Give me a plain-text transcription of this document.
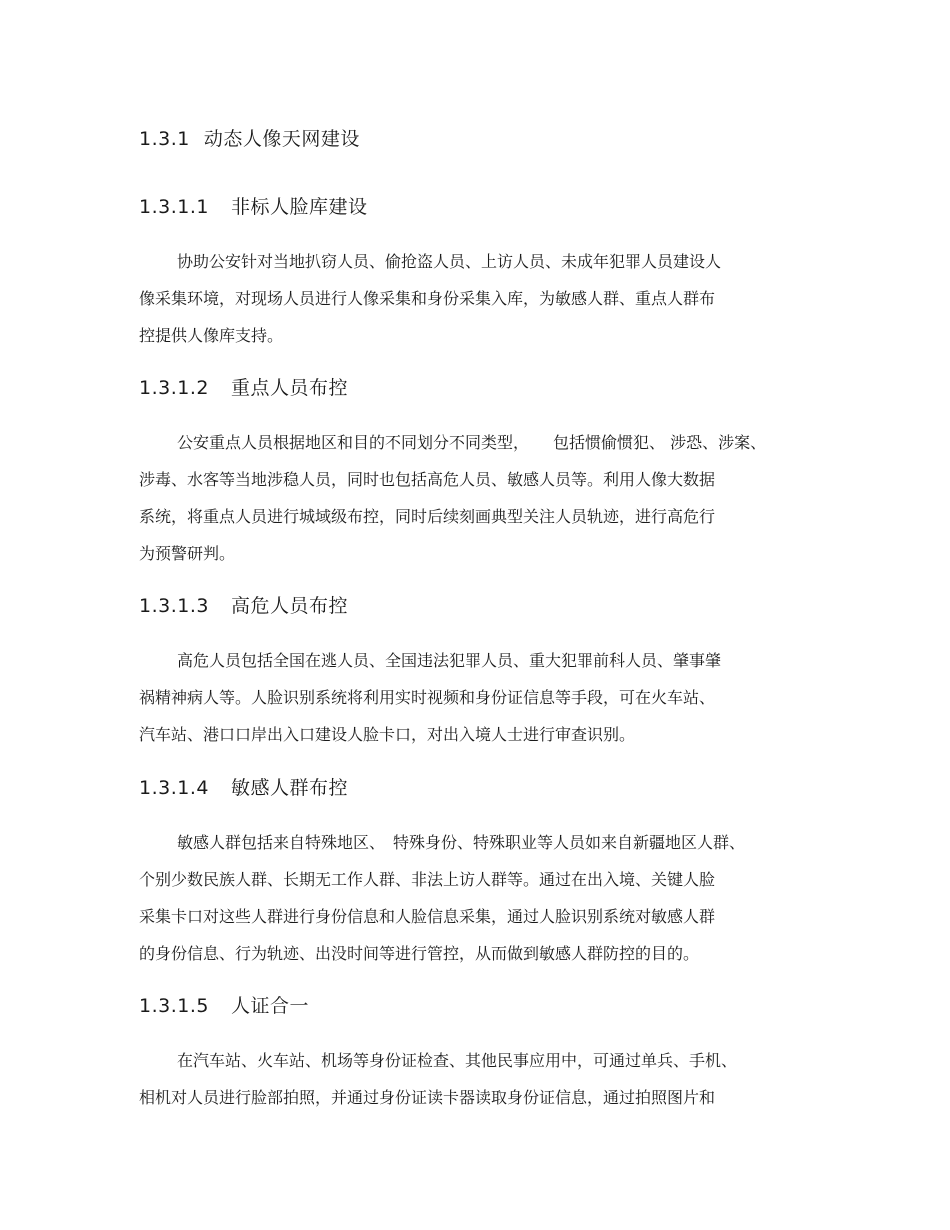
1.3.1 动态人像天网建设
1.3.1.1 非标人脸库建设
协助公安针对当地扒窃人员、偷抢盗人员、上访人员、未成年犯罪人员建设人
像采集环境，对现场人员进行人像采集和身份采集入库，为敏感人群、重点人群布
控提供人像库支持。
1.3.1.2 重点人员布控
公安重点人员根据地区和目的不同划分不同类型，　　包括惯偷惯犯、 涉恐、涉案、
涉毒、水客等当地涉稳人员，同时也包括高危人员、敏感人员等。利用人像大数据
系统，将重点人员进行城域级布控，同时后续刻画典型关注人员轨迹，进行高危行
为预警研判。
1.3.1.3 高危人员布控
高危人员包括全国在逃人员、全国违法犯罪人员、重大犯罪前科人员、肇事肇
祸精神病人等。人脸识别系统将利用实时视频和身份证信息等手段，可在火车站、
汽车站、港口口岸出入口建设人脸卡口，对出入境人士进行审查识别。
1.3.1.4 敏感人群布控
敏感人群包括来自特殊地区、　特殊身份、特殊职业等人员如来自新疆地区人群、
个别少数民族人群、长期无工作人群、非法上访人群等。通过在出入境、关键人脸
采集卡口对这些人群进行身份信息和人脸信息采集，通过人脸识别系统对敏感人群
的身份信息、行为轨迹、出没时间等进行管控，从而做到敏感人群防控的目的。
1.3.1.5 人证合一
在汽车站、火车站、机场等身份证检查、其他民事应用中，可通过单兵、手机、
相机对人员进行脸部拍照，并通过身份证读卡器读取身份证信息，通过拍照图片和
